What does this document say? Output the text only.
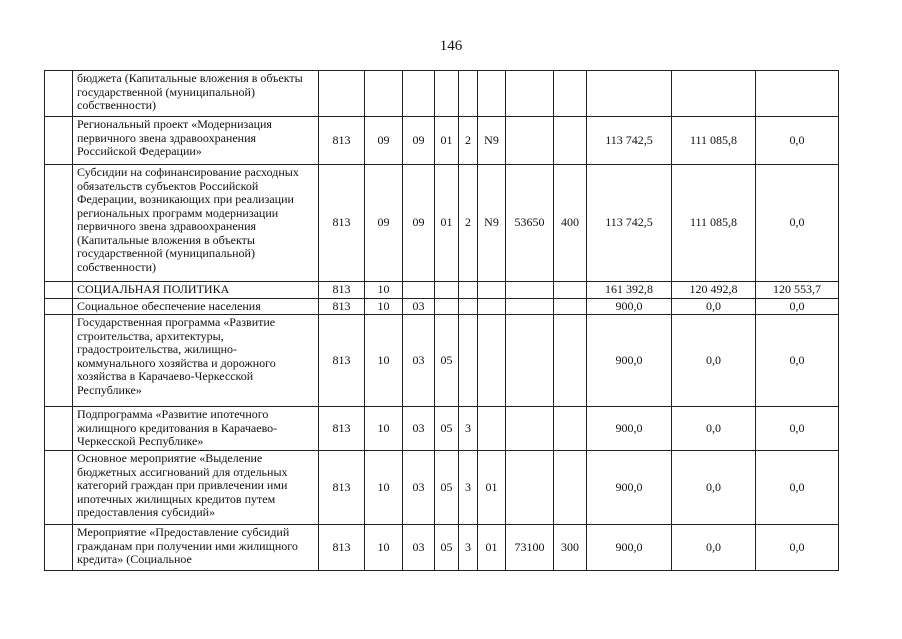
146
	бюджета (Капитальные вложения в объекты государственной (муниципальной) собственности)											
	Региональный проект «Модернизация первичного звена здравоохранения Российской Федерации»	813	09	09	01	2	N9			113 742,5	111 085,8	0,0
	Субсидии на софинансирование расходных обязательств субъектов Российской Федерации, возникающих при реализации региональных программ модернизации первичного звена здравоохранения (Капитальные вложения в объекты государственной (муниципальной) собственности)	813	09	09	01	2	N9	53650	400	113 742,5	111 085,8	0,0
	СОЦИАЛЬНАЯ ПОЛИТИКА	813	10							161 392,8	120 492,8	120 553,7
	Социальное обеспечение населения	813	10	03						900,0	0,0	0,0
	Государственная программа «Развитие строительства, архитектуры, градостроительства, жилищно-коммунального хозяйства и дорожного хозяйства в Карачаево-Черкесской Республике»	813	10	03	05					900,0	0,0	0,0
	Подпрограмма «Развитие ипотечного жилищного кредитования в Карачаево-Черкесской Республике»	813	10	03	05	3				900,0	0,0	0,0
	Основное мероприятие «Выделение бюджетных ассигнований для отдельных категорий граждан при привлечении ими ипотечных жилищных кредитов путем предоставления субсидий»	813	10	03	05	3	01			900,0	0,0	0,0
	Мероприятие «Предоставление субсидий гражданам при получении ими жилищного кредита» (Социальное	813	10	03	05	3	01	73100	300	900,0	0,0	0,0
